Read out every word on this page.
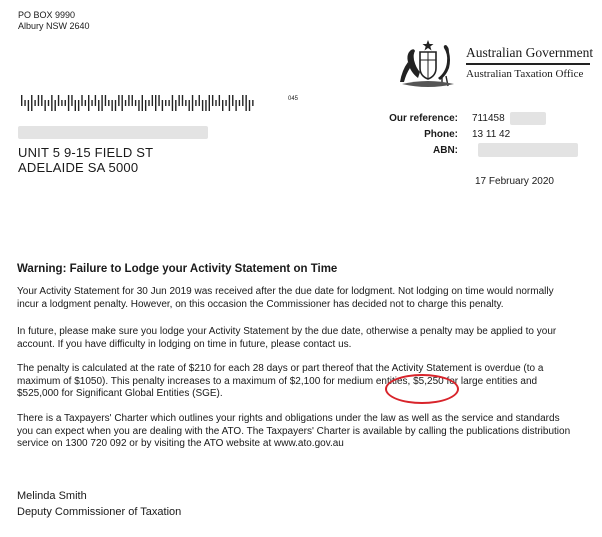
PO BOX 9990
Albury NSW 2640
045
UNIT 5 9-15 FIELD ST
ADELAIDE SA 5000
Australian Government
Australian Taxation Office
Our reference: 711458
Phone: 13 11 42
ABN:
17 February 2020
Warning: Failure to Lodge your Activity Statement on Time

Your Activity Statement for 30 Jun 2019 was received after the due date for lodgment. Not lodging on time would normally incur a lodgment penalty. However, on this occasion the Commissioner has decided not to charge this penalty.

In future, please make sure you lodge your Activity Statement by the due date, otherwise a penalty may be applied to your account. If you have difficulty in lodging on time in future, please contact us.

The penalty is calculated at the rate of $210 for each 28 days or part thereof that the Activity Statement is overdue (to a maximum of $1050). This penalty increases to a maximum of $2,100 for medium entities, $5,250 for large entities and $525,000 for Significant Global Entities (SGE).

There is a Taxpayers' Charter which outlines your rights and obligations under the law as well as the service and standards you can expect when you are dealing with the ATO. The Taxpayers' Charter is available by calling the publications distribution service on 1300 720 092 or by visiting the ATO website at www.ato.gov.au

Melinda Smith
Deputy Commissioner of Taxation
